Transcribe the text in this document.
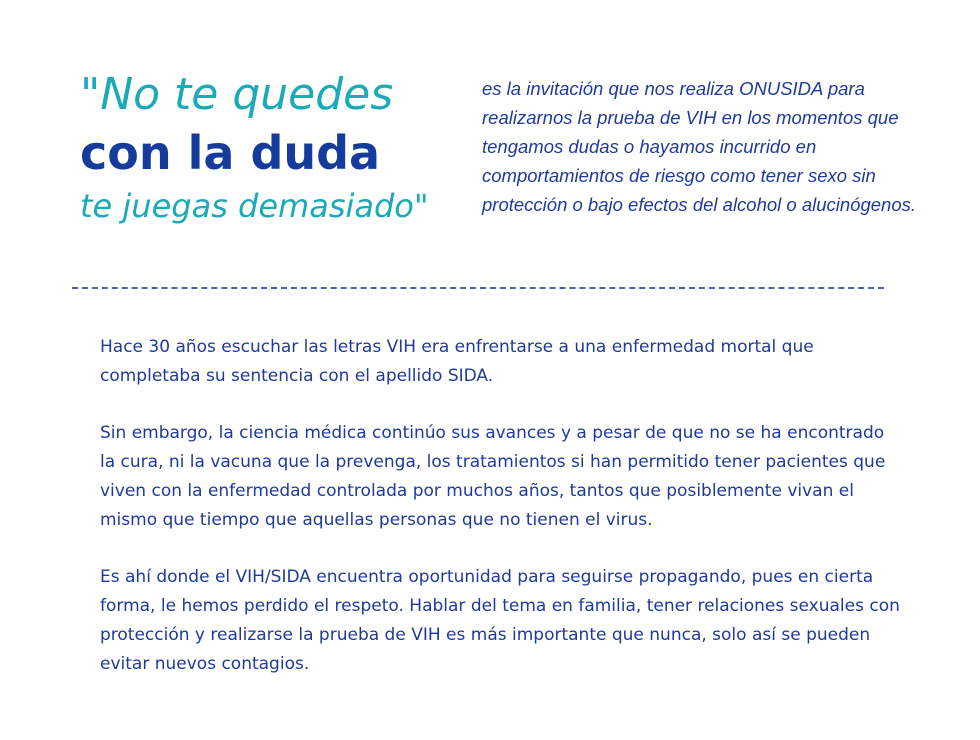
"No te quedes
con la duda
te juegas demasiado"

es la invitación que nos realiza ONUSIDA para realizarnos la prueba de VIH en los momentos que tengamos dudas o hayamos incurrido en comportamientos de riesgo como tener sexo sin protección o bajo efectos del alcohol o alucinógenos.

Hace 30 años escuchar las letras VIH era enfrentarse a una enfermedad mortal que completaba su sentencia con el apellido SIDA.

Sin embargo, la ciencia médica continúo sus avances y a pesar de que no se ha encontrado la cura, ni la vacuna que la prevenga, los tratamientos si han permitido tener pacientes que viven con la enfermedad controlada por muchos años, tantos que posiblemente vivan el mismo que tiempo que aquellas personas que no tienen el virus.

Es ahí donde el VIH/SIDA encuentra oportunidad para seguirse propagando, pues en cierta forma, le hemos perdido el respeto. Hablar del tema en familia, tener relaciones sexuales con protección y realizarse la prueba de VIH es más importante que nunca, solo así se pueden evitar nuevos contagios.
